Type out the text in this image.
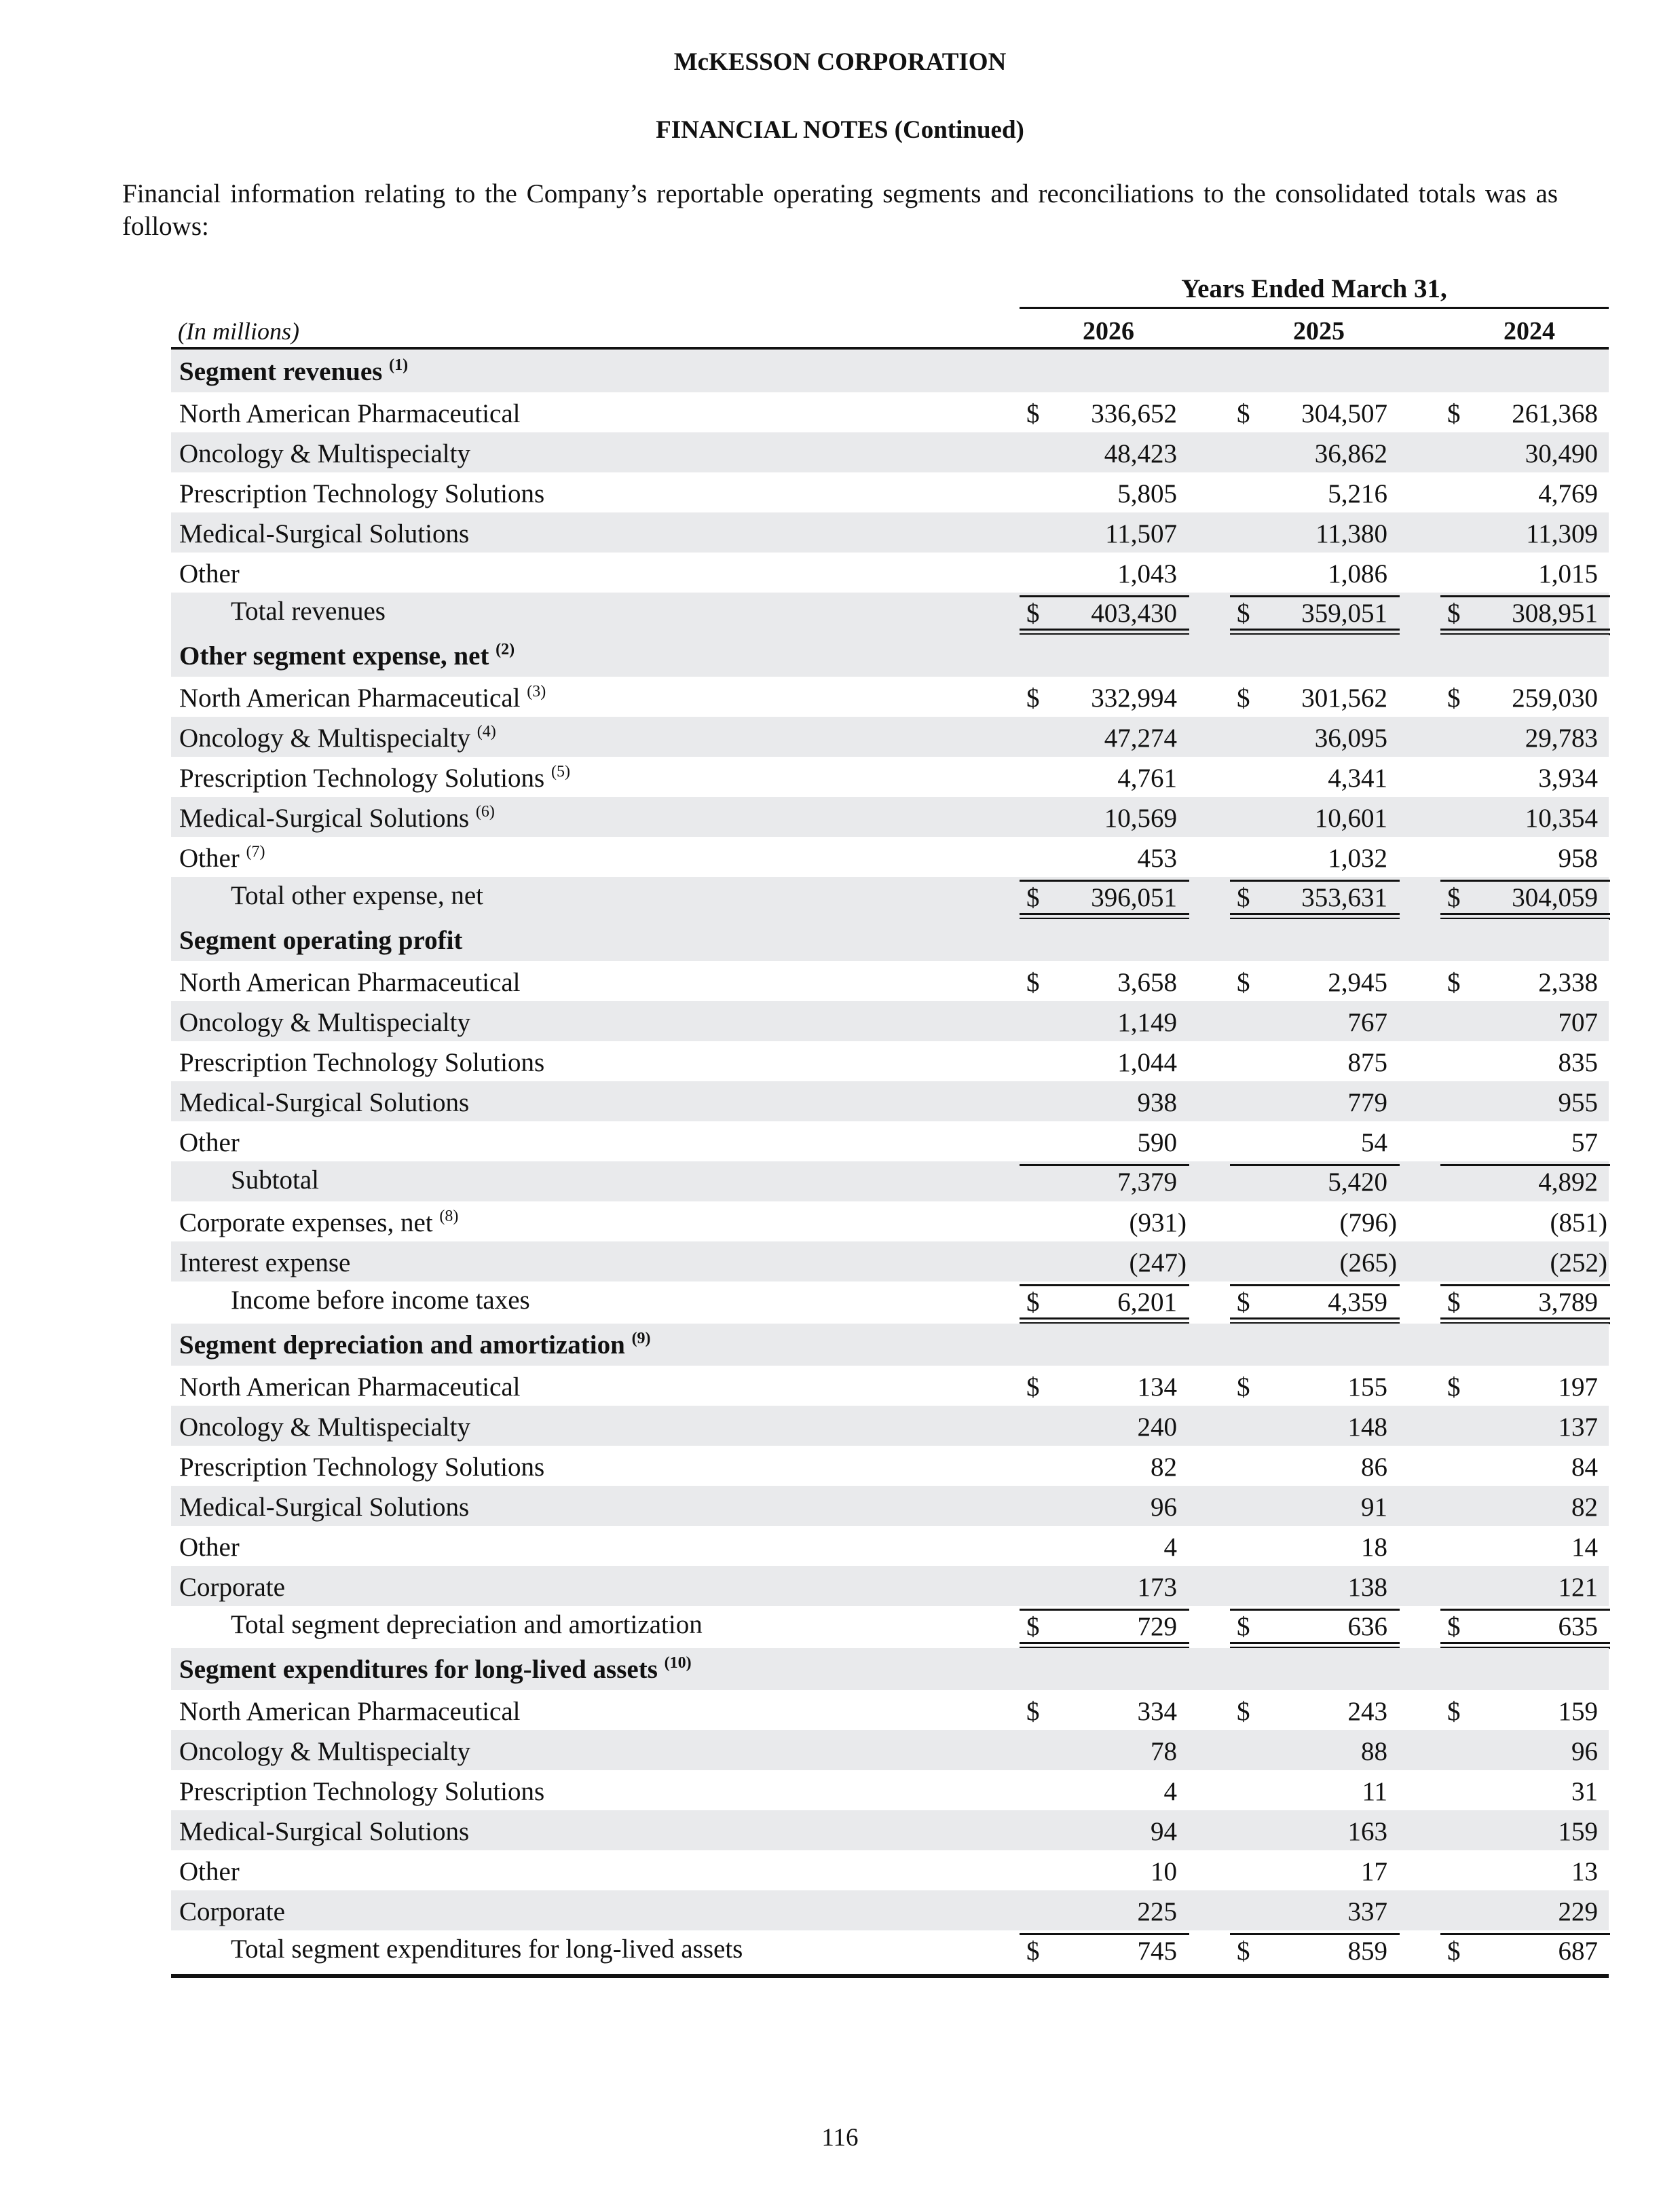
McKESSON CORPORATION
FINANCIAL NOTES (Continued)
Financial information relating to the Company’s reportable operating segments and reconciliations to the consolidated totals was as follows:
Years Ended March 31,
(In millions)	2026	2025	2024
Segment revenues $^{(1)}$
North American Pharmaceutical	$ 336,652 $ 304,507 $ 261,368
Oncology & Multispecialty	48,423	36,862	30,490
Prescription Technology Solutions	5,805	5,216	4,769
Medical-Surgical Solutions	11,507	11,380	11,309
Other	1,043	1,086	1,015
Total revenues	$ 403,430 $ 359,051 $ 308,951
Other segment expense, net $^{(2)}$
North American Pharmaceutical $^{(3)}$	$ 332,994 $ 301,562 $ 259,030
Oncology & Multispecialty $^{(4)}$	47,274	36,095	29,783
Prescription Technology Solutions $^{(5)}$	4,761	4,341	3,934
Medical-Surgical Solutions $^{(6)}$	10,569	10,601	10,354
Other $^{(7)}$	453	1,032	958
Total other expense, net	$ 396,051 $ 353,631 $ 304,059
Segment operating profit
North American Pharmaceutical	$	3,658 $	2,945 $	2,338
Oncology & Multispecialty	1,149	767	707
Prescription Technology Solutions	1,044	875	835
Medical-Surgical Solutions	938	779	955
Other	590	54	57
Subtotal	7,379	5,420	4,892
Corporate expenses, net $^{(8)}$	(931)	(796)	(851)
Interest expense	(247)	(265)	(252)
Income before income taxes	$	6,201 $	4,359 $	3,789
Segment depreciation and amortization $^{(9)}$
North American Pharmaceutical	$	134 $	155 $	197
Oncology & Multispecialty	240	148	137
Prescription Technology Solutions	82	86	84
Medical-Surgical Solutions	96	91	82
Other	4	18	14
Corporate	173	138	121
Total segment depreciation and amortization	$	729 $	636 $	635
Segment expenditures for long-lived assets $^{(10)}$
North American Pharmaceutical	$	334 $	243 $	159
Oncology & Multispecialty	78	88	96
Prescription Technology Solutions	4	11	31
Medical-Surgical Solutions	94	163	159
Other	10	17	13
Corporate	225	337	229
Total segment expenditures for long-lived assets	$	745 $	859 $	687
116
